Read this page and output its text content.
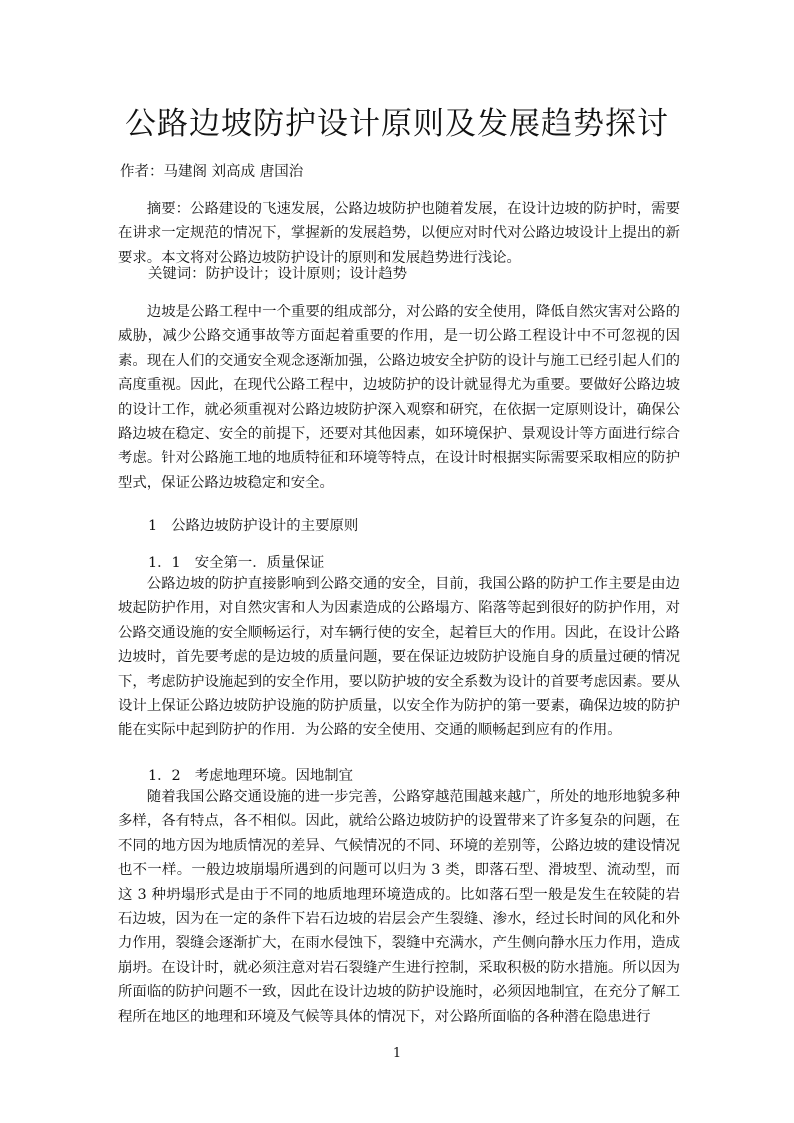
公路边坡防护设计原则及发展趋势探讨
作者：马建阁 刘高成 唐国治

摘要：公路建设的飞速发展，公路边坡防护也随着发展，在设计边坡的防护时，需要在讲求一定规范的情况下，掌握新的发展趋势，以便应对时代对公路边坡设计上提出的新要求。本文将对公路边坡防护设计的原则和发展趋势进行浅论。

关键词：防护设计；设计原则；设计趋势

边坡是公路工程中一个重要的组成部分，对公路的安全使用，降低自然灾害对公路的威胁，减少公路交通事故等方面起着重要的作用，是一切公路工程设计中不可忽视的因素。现在人们的交通安全观念逐渐加强，公路边坡安全护防的设计与施工已经引起人们的高度重视。因此，在现代公路工程中，边坡防护的设计就显得尤为重要。要做好公路边坡的设计工作，就必须重视对公路边坡防护深入观察和研究，在依据一定原则设计，确保公路边坡在稳定、安全的前提下，还要对其他因素，如环境保护、景观设计等方面进行综合考虑。针对公路施工地的地质特征和环境等特点，在设计时根据实际需要采取相应的防护型式，保证公路边坡稳定和安全。

1 公路边坡防护设计的主要原则
1．1 安全第一．质量保证

公路边坡的防护直接影响到公路交通的安全，目前，我国公路的防护工作主要是由边坡起防护作用，对自然灾害和人为因素造成的公路塌方、陷落等起到很好的防护作用，对公路交通设施的安全顺畅运行，对车辆行使的安全，起着巨大的作用。因此，在设计公路边坡时，首先要考虑的是边坡的质量问题，要在保证边坡防护设施自身的质量过硬的情况下，考虑防护设施起到的安全作用，要以防护坡的安全系数为设计的首要考虑因素。要从设计上保证公路边坡防护设施的防护质量，以安全作为防护的第一要素，确保边坡的防护能在实际中起到防护的作用．为公路的安全使用、交通的顺畅起到应有的作用。

1．2 考虑地理环境。因地制宜

随着我国公路交通设施的进一步完善，公路穿越范围越来越广，所处的地形地貌多种多样，各有特点，各不相似。因此，就给公路边坡防护的设置带来了许多复杂的问题，在不同的地方因为地质情况的差异、气候情况的不同、环境的差别等，公路边坡的建设情况也不一样。一般边坡崩塌所遇到的问题可以归为 3 类，即落石型、滑坡型、流动型，而这 3 种坍塌形式是由于不同的地质地理环境造成的。比如落石型一般是发生在较陡的岩石边坡，因为在一定的条件下岩石边坡的岩层会产生裂缝、渗水，经过长时间的风化和外力作用，裂缝会逐渐扩大，在雨水侵蚀下，裂缝中充满水，产生侧向静水压力作用，造成崩坍。在设计时，就必须注意对岩石裂缝产生进行控制，采取积极的防水措施。所以因为所面临的防护问题不一致，因此在设计边坡的防护设施时，必须因地制宜，在充分了解工程所在地区的地理和环境及气候等具体的情况下，对公路所面临的各种潜在隐患进行

1
